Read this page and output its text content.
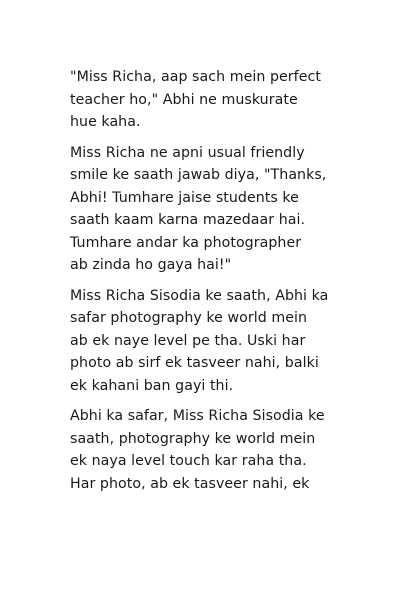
"Miss Richa, aap sach mein perfect
teacher ho," Abhi ne muskurate
hue kaha.

Miss Richa ne apni usual friendly
smile ke saath jawab diya, "Thanks,
Abhi! Tumhare jaise students ke
saath kaam karna mazedaar hai.
Tumhare andar ka photographer
ab zinda ho gaya hai!"

Miss Richa Sisodia ke saath, Abhi ka
safar photography ke world mein
ab ek naye level pe tha. Uski har
photo ab sirf ek tasveer nahi, balki
ek kahani ban gayi thi.

Abhi ka safar, Miss Richa Sisodia ke
saath, photography ke world mein
ek naya level touch kar raha tha.
Har photo, ab ek tasveer nahi, ek
